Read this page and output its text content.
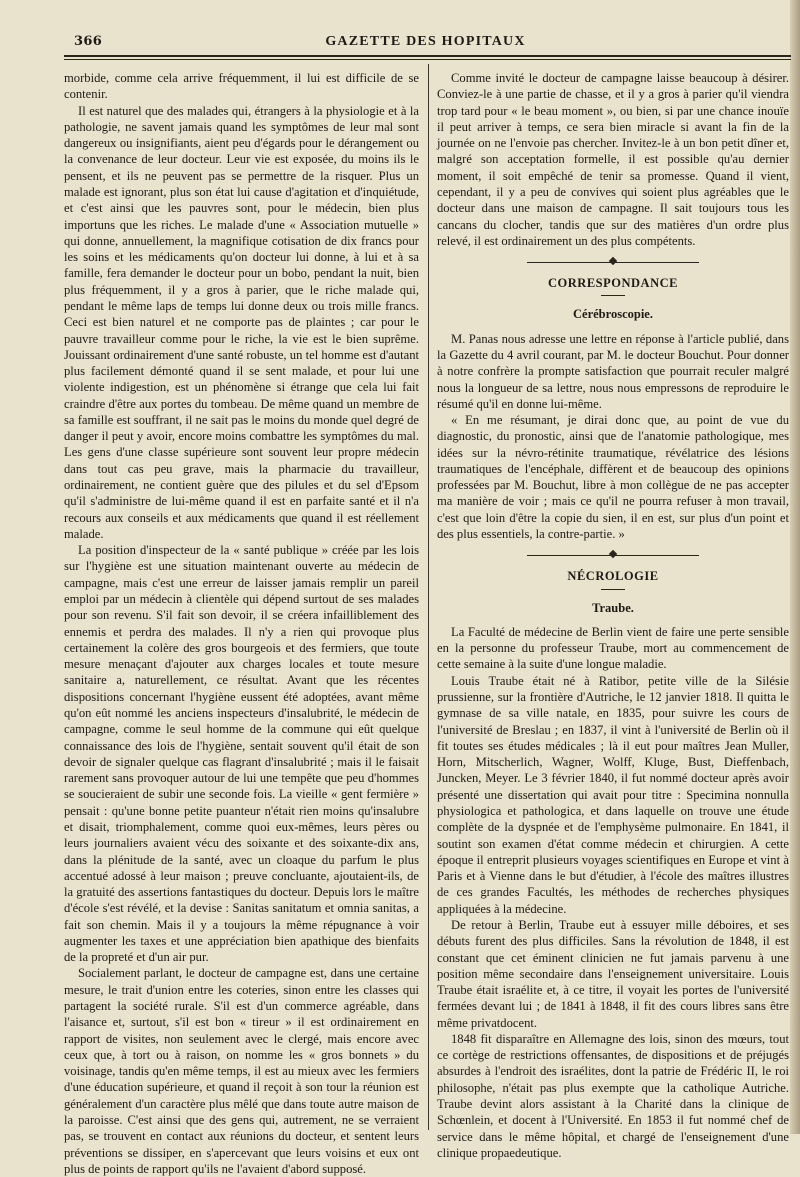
366	GAZETTE DES HOPITAUX

morbide, comme cela arrive fréquemment, il lui est difficile de se contenir.

Il est naturel que des malades qui, étrangers à la physiologie et à la pathologie, ne savent jamais quand les symptômes de leur mal sont dangereux ou insignifiants, aient peu d'égards pour le dérangement ou la convenance de leur docteur. Leur vie est exposée, du moins ils le pensent, et ils ne peuvent pas se permettre de la risquer. Plus un malade est ignorant, plus son état lui cause d'agitation et d'inquiétude, et c'est ainsi que les pauvres sont, pour le médecin, bien plus importuns que les riches. Le malade d'une « Association mutuelle » qui donne, annuellement, la magnifique cotisation de dix francs pour les soins et les médicaments qu'on docteur lui donne, à lui et à sa famille, fera demander le docteur pour un bobo, pendant la nuit, bien plus fréquemment, il y a gros à parier, que le riche malade qui, pendant le même laps de temps lui donne deux ou trois mille francs. Ceci est bien naturel et ne comporte pas de plaintes ; car pour le pauvre travailleur comme pour le riche, la vie est le bien suprême. Jouissant ordinairement d'une santé robuste, un tel homme est d'autant plus facilement démonté quand il se sent malade, et pour lui une violente indigestion, est un phénomène si étrange que cela lui fait craindre d'être aux portes du tombeau. De même quand un membre de sa famille est souffrant, il ne sait pas le moins du monde quel degré de danger il peut y avoir, encore moins combattre les symptômes du mal. Les gens d'une classe supérieure sont souvent leur propre médecin dans tout cas peu grave, mais la pharmacie du travailleur, ordinairement, ne contient guère que des pilules et du sel d'Epsom qu'il s'administre de lui-même quand il est en parfaite santé et il n'a recours aux conseils et aux médicaments que quand il est réellement malade.

La position d'inspecteur de la « santé publique » créée par les lois sur l'hygiène est une situation maintenant ouverte au médecin de campagne, mais c'est une erreur de laisser jamais remplir un pareil emploi par un médecin à clientèle qui dépend surtout de ses malades pour son revenu. S'il fait son devoir, il se créera infailliblement des ennemis et perdra des malades. Il n'y a rien qui provoque plus certainement la colère des gros bourgeois et des fermiers, que toute mesure menaçant d'ajouter aux charges locales et toute mesure sanitaire a, naturellement, ce résultat. Avant que les récentes dispositions concernant l'hygiène eussent été adoptées, avant même qu'on eût nommé les anciens inspecteurs d'insalubrité, le médecin de campagne, comme le seul homme de la commune qui eût quelque connaissance des lois de l'hygiène, sentait souvent qu'il était de son devoir de signaler quelque cas flagrant d'insalubrité ; mais il le faisait rarement sans provoquer autour de lui une tempête que peu d'hommes se soucieraient de subir une seconde fois. La vieille « gent fermière » pensait : qu'une bonne petite puanteur n'était rien moins qu'insalubre et disait, triomphalement, comme quoi eux-mêmes, leurs pères ou leurs journaliers avaient vécu des soixante et des soixante-dix ans, dans la plénitude de la santé, avec un cloaque du parfum le plus accentué adossé à leur maison ; preuve concluante, ajoutaient-ils, de la gratuité des assertions fantastiques du docteur. Depuis lors le maître d'école s'est révélé, et la devise : Sanitas sanitatum et omnia sanitas, a fait son chemin. Mais il y a toujours la même répugnance à voir augmenter les taxes et une appréciation bien apathique des bienfaits de la propreté et d'un air pur.

Socialement parlant, le docteur de campagne est, dans une certaine mesure, le trait d'union entre les coteries, sinon entre les classes qui partagent la société rurale. S'il est d'un commerce agréable, dans l'aisance et, surtout, s'il est bon « tireur » il est ordinairement en rapport de visites, non seulement avec le clergé, mais encore avec ceux que, à tort ou à raison, on nomme les « gros bonnets » du voisinage, tandis qu'en même temps, il est au mieux avec les fermiers d'une éducation supérieure, et quand il reçoit à son tour la réunion est généralement d'un caractère plus mêlé que dans toute autre maison de la paroisse. C'est ainsi que des gens qui, autrement, ne se verraient pas, se trouvent en contact aux réunions du docteur, et sentent leurs préventions se dissiper, en s'apercevant que leurs voisins et eux ont plus de points de rapport qu'ils ne l'avaient d'abord supposé.

Comme invité le docteur de campagne laisse beaucoup à désirer. Conviez-le à une partie de chasse, et il y a gros à parier qu'il viendra trop tard pour « le beau moment », ou bien, si par une chance inouïe il peut arriver à temps, ce sera bien miracle si avant la fin de la journée on ne l'envoie pas chercher. Invitez-le à un bon petit dîner et, malgré son acceptation formelle, il est possible qu'au dernier moment, il soit empêché de tenir sa promesse. Quand il vient, cependant, il y a peu de convives qui soient plus agréables que le docteur dans une maison de campagne. Il sait toujours tous les cancans du clocher, tandis que sur des matières d'un ordre plus relevé, il est ordinairement un des plus compétents.

CORRESPONDANCE
Cérébroscopie.

M. Panas nous adresse une lettre en réponse à l'article publié, dans la Gazette du 4 avril courant, par M. le docteur Bouchut. Pour donner à notre confrère la prompte satisfaction que pourrait reculer malgré nous la longueur de sa lettre, nous nous empressons de reproduire le résumé qu'il en donne lui-même.

« En me résumant, je dirai donc que, au point de vue du diagnostic, du pronostic, ainsi que de l'anatomie pathologique, mes idées sur la névro-rétinite traumatique, révélatrice des lésions traumatiques de l'encéphale, diffèrent et de beaucoup des opinions professées par M. Bouchut, libre à mon collègue de ne pas accepter ma manière de voir ; mais ce qu'il ne pourra refuser à mon travail, c'est que loin d'être la copie du sien, il en est, sur plus d'un point et des plus essentiels, la contre-partie. »

NÉCROLOGIE
Traube.

La Faculté de médecine de Berlin vient de faire une perte sensible en la personne du professeur Traube, mort au commencement de cette semaine à la suite d'une longue maladie.

Louis Traube était né à Ratibor, petite ville de la Silésie prussienne, sur la frontière d'Autriche, le 12 janvier 1818. Il quitta le gymnase de sa ville natale, en 1835, pour suivre les cours de l'université de Breslau ; en 1837, il vint à l'université de Berlin où il fit toutes ses études médicales ; là il eut pour maîtres Jean Muller, Horn, Mitscherlich, Wagner, Wolff, Kluge, Bust, Dieffenbach, Juncken, Meyer. Le 3 février 1840, il fut nommé docteur après avoir présenté une dissertation qui avait pour titre : Specimina nonnulla physiologica et pathologica, et dans laquelle on trouve une étude complète de la dyspnée et de l'emphysème pulmonaire. En 1841, il soutint son examen d'état comme médecin et chirurgien. A cette époque il entreprit plusieurs voyages scientifiques en Europe et vint à Paris et à Vienne dans le but d'étudier, à l'école des maîtres illustres de ces grandes Facultés, les méthodes de recherches physiques appliquées à la médecine.

De retour à Berlin, Traube eut à essuyer mille déboires, et ses débuts furent des plus difficiles. Sans la révolution de 1848, il est constant que cet éminent clinicien ne fut jamais parvenu à une position même secondaire dans l'enseignement universitaire. Louis Traube était israélite et, à ce titre, il voyait les portes de l'université fermées devant lui ; de 1841 à 1848, il fit des cours libres sans être même privatdocent.

1848 fit disparaître en Allemagne des lois, sinon des mœurs, tout ce cortège de restrictions offensantes, de dispositions et de préjugés absurdes à l'endroit des israélites, dont la patrie de Frédéric II, le roi philosophe, n'était pas plus exempte que la catholique Autriche. Traube devint alors assistant à la Charité dans la clinique de Schœnlein, et docent à l'Université. En 1853 il fut nommé chef de service dans le même hôpital, et chargé de l'enseignement d'une clinique propaedeutique.
